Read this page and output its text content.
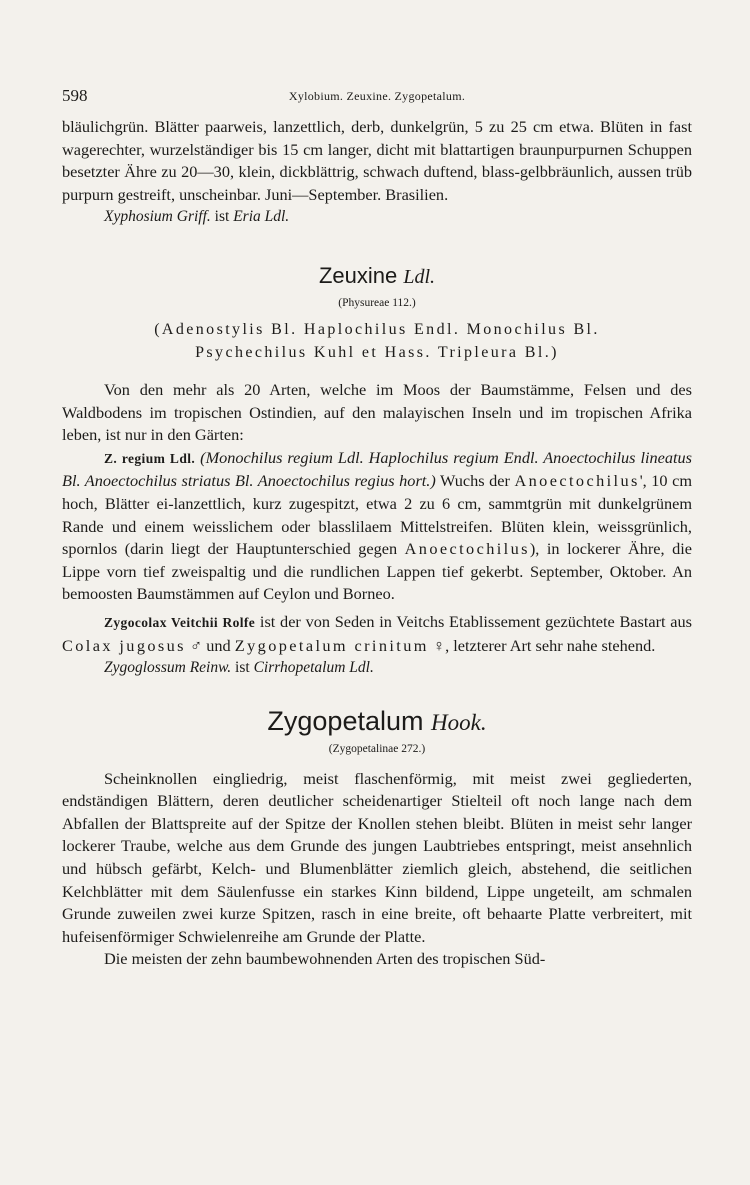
598	Xylobium. Zeuxine. Zygopetalum.

bläulichgrün. Blätter paarweis, lanzettlich, derb, dunkelgrün, 5 zu 25 cm etwa. Blüten in fast wagerechter, wurzelständiger bis 15 cm langer, dicht mit blattartigen braunpurpurnen Schuppen besetzter Ähre zu 20—30, klein, dickblättrig, schwach duftend, blass-gelbbräunlich, aussen trüb purpurn gestreift, unscheinbar. Juni—September. Brasilien.

Xyphosium Griff. ist Eria Ldl.

Zeuxine Ldl.
(Physureae 112.)
(Adenostylis Bl. Haplochilus Endl. Monochilus Bl.
Psychechilus Kuhl et Hass. Tripleura Bl.)

Von den mehr als 20 Arten, welche im Moos der Baumstämme, Felsen und des Waldbodens im tropischen Ostindien, auf den malayischen Inseln und im tropischen Afrika leben, ist nur in den Gärten:

Z. regium Ldl. (Monochilus regium Ldl. Haplochilus regium Endl. Anoectochilus lineatus Bl. Anoectochilus striatus Bl. Anoectochilus regius hort.) Wuchs der Anoectochilus', 10 cm hoch, Blätter ei-lanzettlich, kurz zugespitzt, etwa 2 zu 6 cm, sammtgrün mit dunkelgrünem Rande und einem weisslichem oder blasslilaem Mittelstreifen. Blüten klein, weissgrünlich, spornlos (darin liegt der Hauptunterschied gegen Anoectochilus), in lockerer Ähre, die Lippe vorn tief zweispaltig und die rundlichen Lappen tief gekerbt. September, Oktober. An bemoosten Baumstämmen auf Ceylon und Borneo.

Zygocolax Veitchii Rolfe ist der von Seden in Veitchs Etablissement gezüchtete Bastart aus Colax jugosus ♂ und Zygopetalum crinitum ♀, letzterer Art sehr nahe stehend.

Zygoglossum Reinw. ist Cirrhopetalum Ldl.

Zygopetalum Hook.
(Zygopetalinae 272.)

Scheinknollen eingliedrig, meist flaschenförmig, mit meist zwei gegliederten, endständigen Blättern, deren deutlicher scheidenartiger Stielteil oft noch lange nach dem Abfallen der Blattspreite auf der Spitze der Knollen stehen bleibt. Blüten in meist sehr langer lockerer Traube, welche aus dem Grunde des jungen Laubtriebes entspringt, meist ansehnlich und hübsch gefärbt, Kelch- und Blumenblätter ziemlich gleich, abstehend, die seitlichen Kelchblätter mit dem Säulenfusse ein starkes Kinn bildend, Lippe ungeteilt, am schmalen Grunde zuweilen zwei kurze Spitzen, rasch in eine breite, oft behaarte Platte verbreitert, mit hufeisenförmiger Schwielenreihe am Grunde der Platte.

Die meisten der zehn baumbewohnenden Arten des tropischen Süd-
